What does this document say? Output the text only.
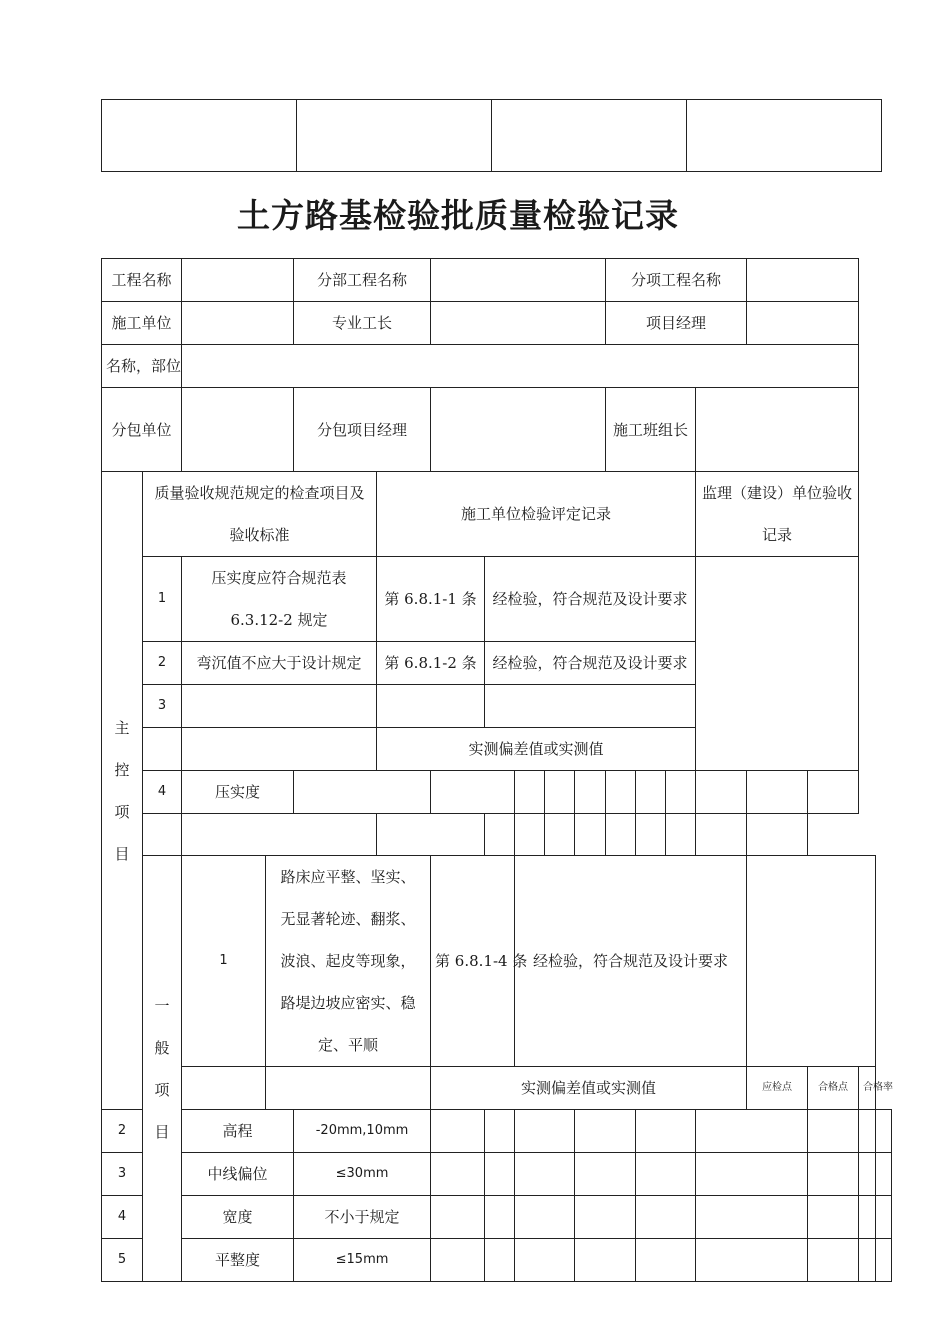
土方路基检验批质量检验记录
工程名称				分部工程名称							分项工程名称							
施工单位				专业工长							项目经理							
名称，部位																		
分包单位				分包项目经理							施工班组长							

主控项目	质量验收规范规定的检查项目及验收标准				施工单位检验评定记录									监理（建设）单位验收记录				
	1	压实度应符合规范表 6.3.12-2 规定			第 6.8.1-1 条		经检验，符合规范及设计要求											
	2	弯沉值不应大于设计规定			第 6.8.1-2 条		经检验，符合规范及设计要求											
	3																	
					实测偏差值或实测值													
	4	压实度																

	一般项目	1	路床应平整、坚实、无显著轮迹、翻浆、波浪、起皮等现象，路堤边坡应密实、稳定、平顺			第 6.8.1-4 条		经检验，符合规范及设计要求										
						实测偏差值或实测值									应检点	合格点	合格率	
2		高程		-20mm,10mm														
3		中线偏位		≤30mm														
4		宽度		不小于规定														
5		平整度		≤15mm														
